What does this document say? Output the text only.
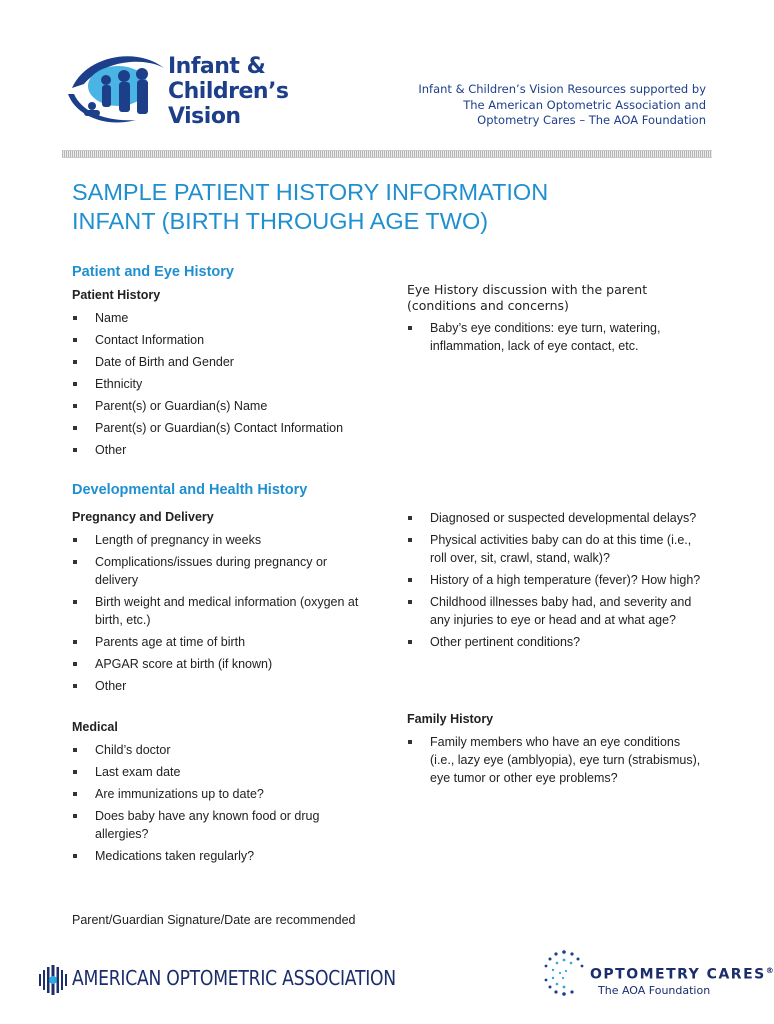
Infant &
Children’s
Vision
Infant & Children’s Vision Resources supported by
The American Optometric Association and
Optometry Cares – The AOA Foundation
SAMPLE PATIENT HISTORY INFORMATION
INFANT (BIRTH THROUGH AGE TWO)
Patient and Eye History
Patient History
Name
Contact Information
Date of Birth and Gender
Ethnicity
Parent(s) or Guardian(s) Name
Parent(s) or Guardian(s) Contact Information
Other
Eye History discussion with the parent
(conditions and concerns)
Baby’s eye conditions: eye turn, watering, inflammation, lack of eye contact, etc.
Developmental and Health History
Pregnancy and Delivery
Length of pregnancy in weeks
Complications/issues during pregnancy or delivery
Birth weight and medical information (oxygen at birth, etc.)
Parents age at time of birth
APGAR score at birth (if known)
Other
Diagnosed or suspected developmental delays?
Physical activities baby can do at this time (i.e., roll over, sit, crawl, stand, walk)?
History of a high temperature (fever)? How high?
Childhood illnesses baby had, and severity and any injuries to eye or head and at what age?
Other pertinent conditions?
Medical
Child’s doctor
Last exam date
Are immunizations up to date?
Does baby have any known food or drug allergies?
Medications taken regularly?
Family History
Family members who have an eye conditions (i.e., lazy eye (amblyopia), eye turn (strabismus), eye tumor or other eye problems?
Parent/Guardian Signature/Date are recommended
AMERICAN OPTOMETRIC ASSOCIATION	OPTOMETRY CARES®
The AOA Foundation
